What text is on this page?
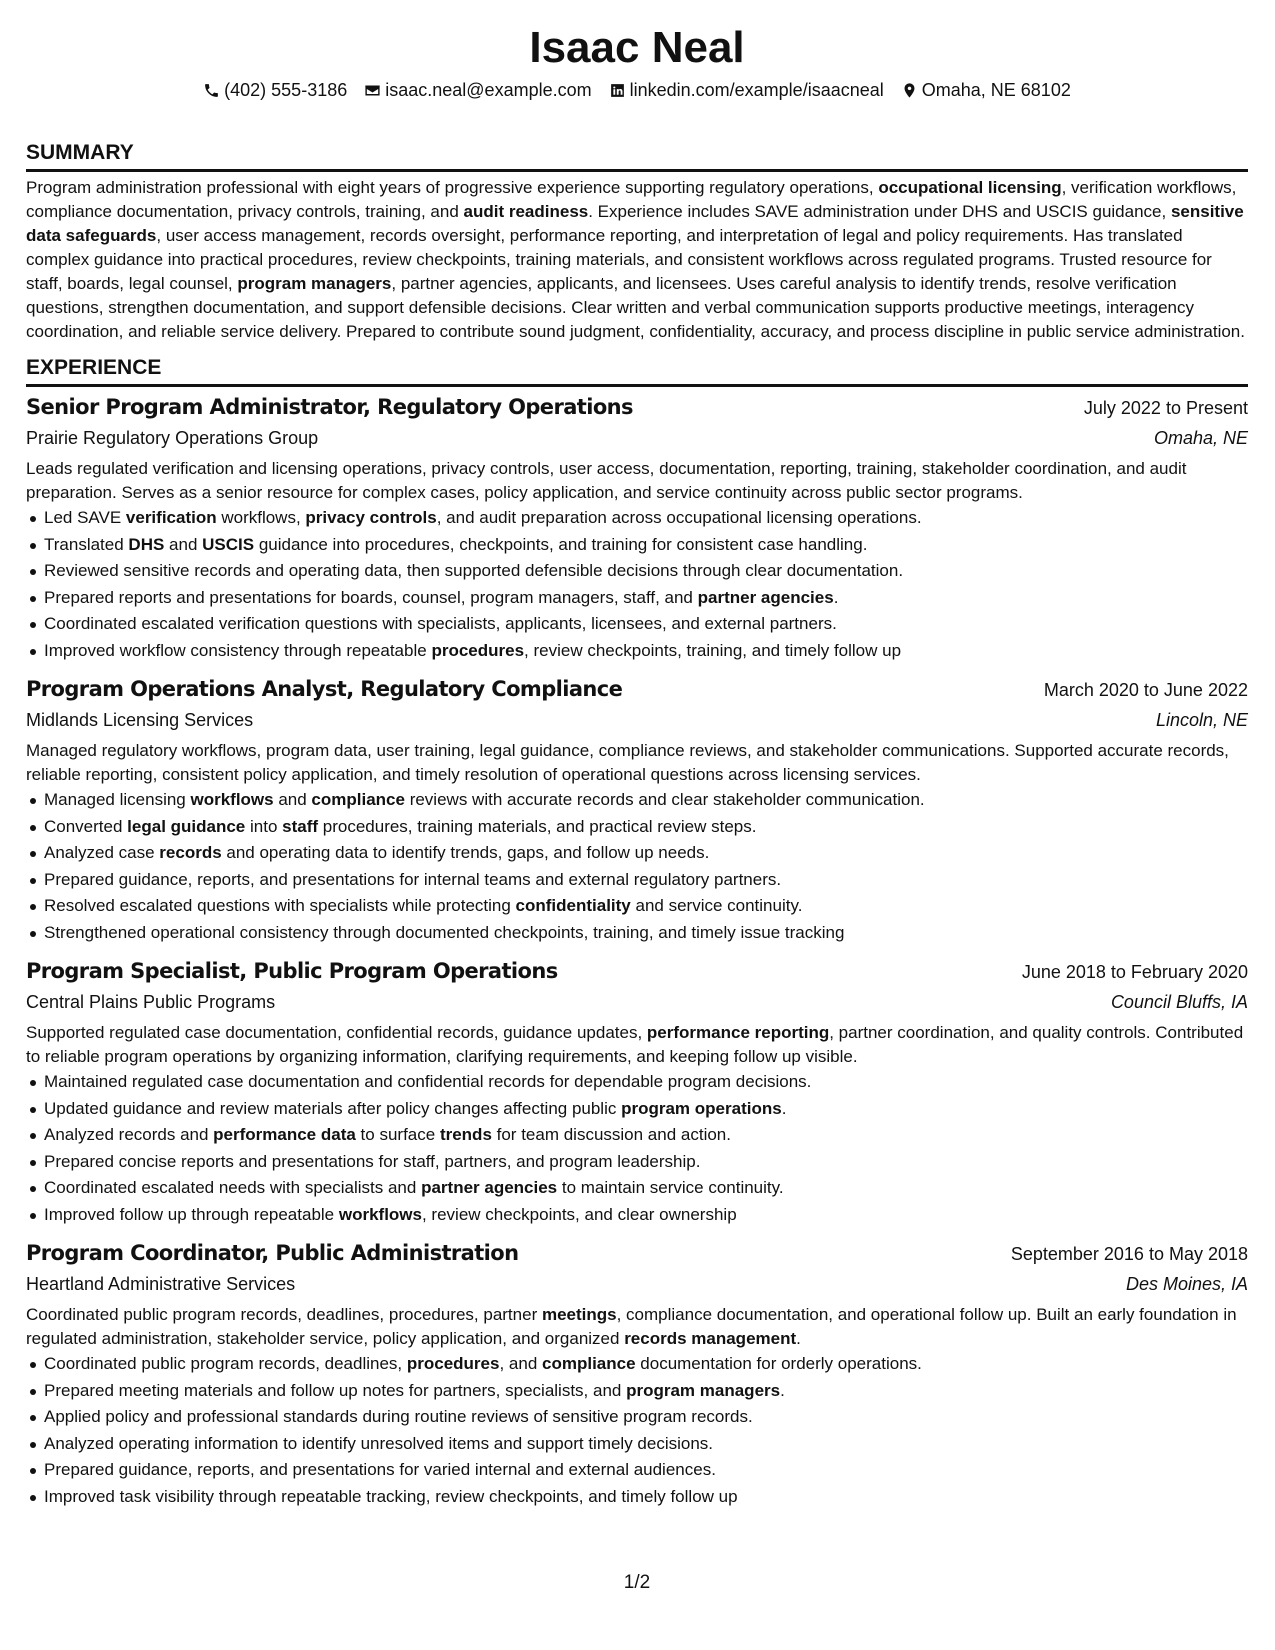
Isaac Neal
(402) 555-3186 isaac.neal@example.com linkedin.com/example/isaacneal Omaha, NE 68102
SUMMARY

Program administration professional with eight years of progressive experience supporting regulatory operations, occupational licensing, verification workflows, compliance documentation, privacy controls, training, and audit readiness. Experience includes SAVE administration under DHS and USCIS guidance, sensitive data safeguards, user access management, records oversight, performance reporting, and interpretation of legal and policy requirements. Has translated complex guidance into practical procedures, review checkpoints, training materials, and consistent workflows across regulated programs. Trusted resource for staff, boards, legal counsel, program managers, partner agencies, applicants, and licensees. Uses careful analysis to identify trends, resolve verification questions, strengthen documentation, and support defensible decisions. Clear written and verbal communication supports productive meetings, interagency coordination, and reliable service delivery. Prepared to contribute sound judgment, confidentiality, accuracy, and process discipline in public service administration.

EXPERIENCE
Senior Program Administrator, Regulatory Operations	July 2022 to Present
Prairie Regulatory Operations Group	Omaha, NE

Leads regulated verification and licensing operations, privacy controls, user access, documentation, reporting, training, stakeholder coordination, and audit preparation. Serves as a senior resource for complex cases, policy application, and service continuity across public sector programs.

Led SAVE verification workflows, privacy controls, and audit preparation across occupational licensing operations.
Translated DHS and USCIS guidance into procedures, checkpoints, and training for consistent case handling.
Reviewed sensitive records and operating data, then supported defensible decisions through clear documentation.
Prepared reports and presentations for boards, counsel, program managers, staff, and partner agencies.
Coordinated escalated verification questions with specialists, applicants, licensees, and external partners.
Improved workflow consistency through repeatable procedures, review checkpoints, training, and timely follow up
Program Operations Analyst, Regulatory Compliance	March 2020 to June 2022
Midlands Licensing Services	Lincoln, NE

Managed regulatory workflows, program data, user training, legal guidance, compliance reviews, and stakeholder communications. Supported accurate records, reliable reporting, consistent policy application, and timely resolution of operational questions across licensing services.

Managed licensing workflows and compliance reviews with accurate records and clear stakeholder communication.
Converted legal guidance into staff procedures, training materials, and practical review steps.
Analyzed case records and operating data to identify trends, gaps, and follow up needs.
Prepared guidance, reports, and presentations for internal teams and external regulatory partners.
Resolved escalated questions with specialists while protecting confidentiality and service continuity.
Strengthened operational consistency through documented checkpoints, training, and timely issue tracking
Program Specialist, Public Program Operations	June 2018 to February 2020
Central Plains Public Programs	Council Bluffs, IA

Supported regulated case documentation, confidential records, guidance updates, performance reporting, partner coordination, and quality controls. Contributed to reliable program operations by organizing information, clarifying requirements, and keeping follow up visible.

Maintained regulated case documentation and confidential records for dependable program decisions.
Updated guidance and review materials after policy changes affecting public program operations.
Analyzed records and performance data to surface trends for team discussion and action.
Prepared concise reports and presentations for staff, partners, and program leadership.
Coordinated escalated needs with specialists and partner agencies to maintain service continuity.
Improved follow up through repeatable workflows, review checkpoints, and clear ownership
Program Coordinator, Public Administration	September 2016 to May 2018
Heartland Administrative Services	Des Moines, IA

Coordinated public program records, deadlines, procedures, partner meetings, compliance documentation, and operational follow up. Built an early foundation in regulated administration, stakeholder service, policy application, and organized records management.

Coordinated public program records, deadlines, procedures, and compliance documentation for orderly operations.
Prepared meeting materials and follow up notes for partners, specialists, and program managers.
Applied policy and professional standards during routine reviews of sensitive program records.
Analyzed operating information to identify unresolved items and support timely decisions.
Prepared guidance, reports, and presentations for varied internal and external audiences.
Improved task visibility through repeatable tracking, review checkpoints, and timely follow up
1/2
